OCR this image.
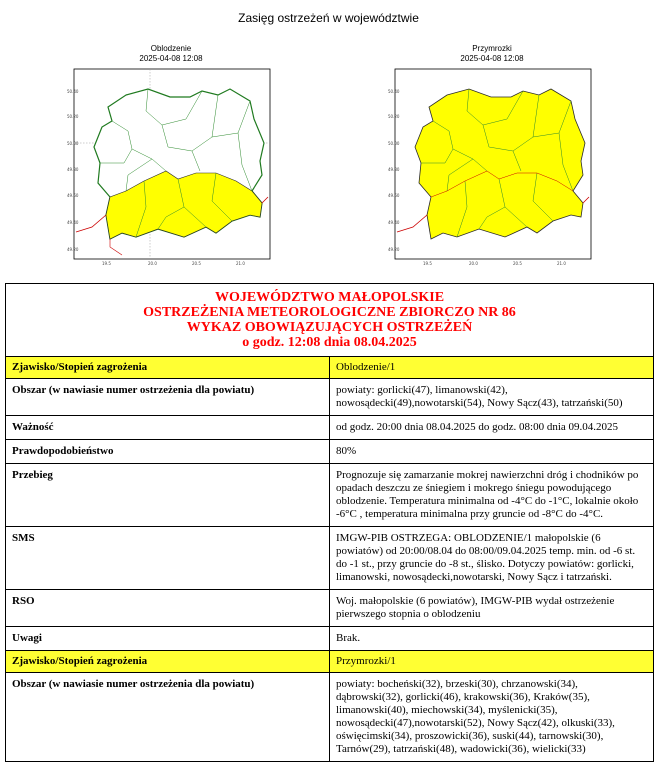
Zasięg ostrzeżeń w województwie
Oblodzenie
2025-04-08 12:08
50.40
50.20
50.00
49.80
49.60
49.40
49.20
19.5	20.0	20.5	21.0
Przymrozki
2025-04-08 12:08
50.40
50.20
50.00
49.80
49.60
49.40
49.20
19.5	20.0	20.5	21.0
WOJEWÓDZTWO MAŁOPOLSKIE
OSTRZEŻENIA METEOROLOGICZNE ZBIORCZO NR 86
WYKAZ OBOWIĄZUJĄCYCH OSTRZEŻEŃ
o godz. 12:08 dnia 08.04.2025	

Zjawisko/Stopień zagrożenia	Oblodzenie/1
Obszar (w nawiasie numer ostrzeżenia dla powiatu)	powiaty: gorlicki(47), limanowski(42), nowosądecki(49),nowotarski(54), Nowy Sącz(43), tatrzański(50)
Ważność	od godz. 20:00 dnia 08.04.2025 do godz. 08:00 dnia 09.04.2025
Prawdopodobieństwo	80%
Przebieg	Prognozuje się zamarzanie mokrej nawierzchni dróg i chodników po opadach deszczu ze śniegiem i mokrego śniegu powodującego oblodzenie. Temperatura minimalna od -4°C do -1°C, lokalnie około -6°C , temperatura minimalna przy gruncie od -8°C do -4°C.
SMS	IMGW-PIB OSTRZEGA: OBLODZENIE/1 małopolskie (6 powiatów) od 20:00/08.04 do 08:00/09.04.2025 temp. min. od -6 st. do -1 st., przy gruncie do -8 st., ślisko. Dotyczy powiatów: gorlicki, limanowski, nowosądecki,nowotarski, Nowy Sącz i tatrzański.
RSO	Woj. małopolskie (6 powiatów), IMGW-PIB wydał ostrzeżenie pierwszego stopnia o oblodzeniu
Uwagi	Brak.
Zjawisko/Stopień zagrożenia	Przymrozki/1
Obszar (w nawiasie numer ostrzeżenia dla powiatu)	powiaty: bocheński(32), brzeski(30), chrzanowski(34), dąbrowski(32), gorlicki(46), krakowski(36), Kraków(35), limanowski(40), miechowski(34), myślenicki(35), nowosądecki(47),nowotarski(52), Nowy Sącz(42), olkuski(33), oświęcimski(34), proszowicki(36), suski(44), tarnowski(30), Tarnów(29), tatrzański(48), wadowicki(36), wielicki(33)
